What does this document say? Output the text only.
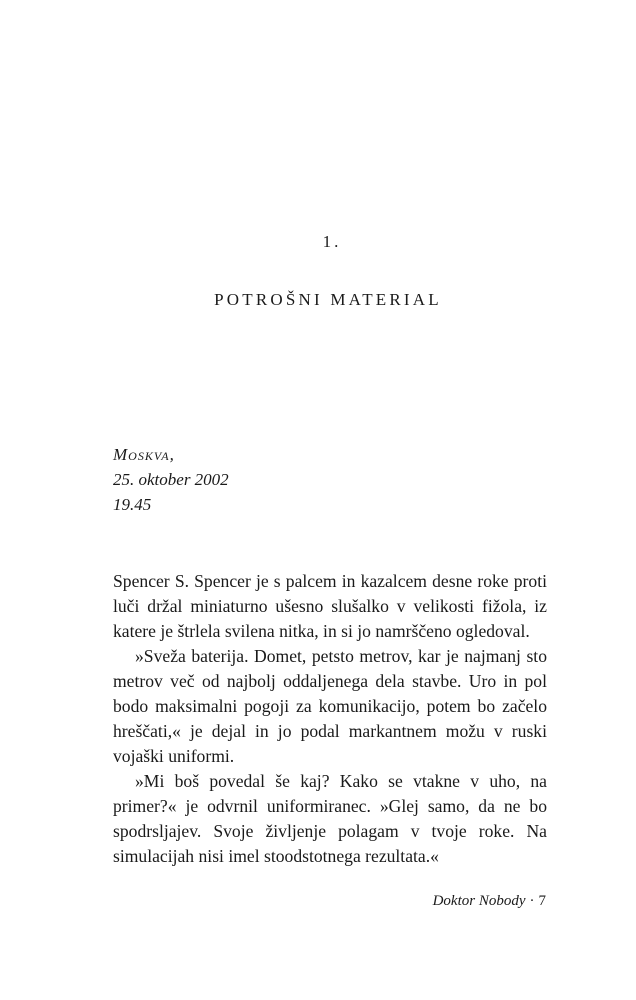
1.
POTROŠNI MATERIAL
Moskva,
25. oktober 2002
19.45

Spencer S. Spencer je s palcem in kazalcem desne roke proti luči držal miniaturno ušesno slušalko v velikosti fižola, iz katere je štrlela svilena nitka, in si jo namrščeno ogledoval.

»Sveža baterija. Domet, petsto metrov, kar je najmanj sto metrov več od najbolj oddaljenega dela stavbe. Uro in pol bodo maksimalni pogoji za komunikacijo, potem bo začelo hreščati,« je dejal in jo podal markantnem možu v ruski vojaški uniformi.

»Mi boš povedal še kaj? Kako se vtakne v uho, na primer?« je odvrnil uniformiranec. »Glej samo, da ne bo spodrsljajev. Svoje življenje polagam v tvoje roke. Na simulacijah nisi imel stoodstotnega rezultata.«

Doktor Nobody · 7
